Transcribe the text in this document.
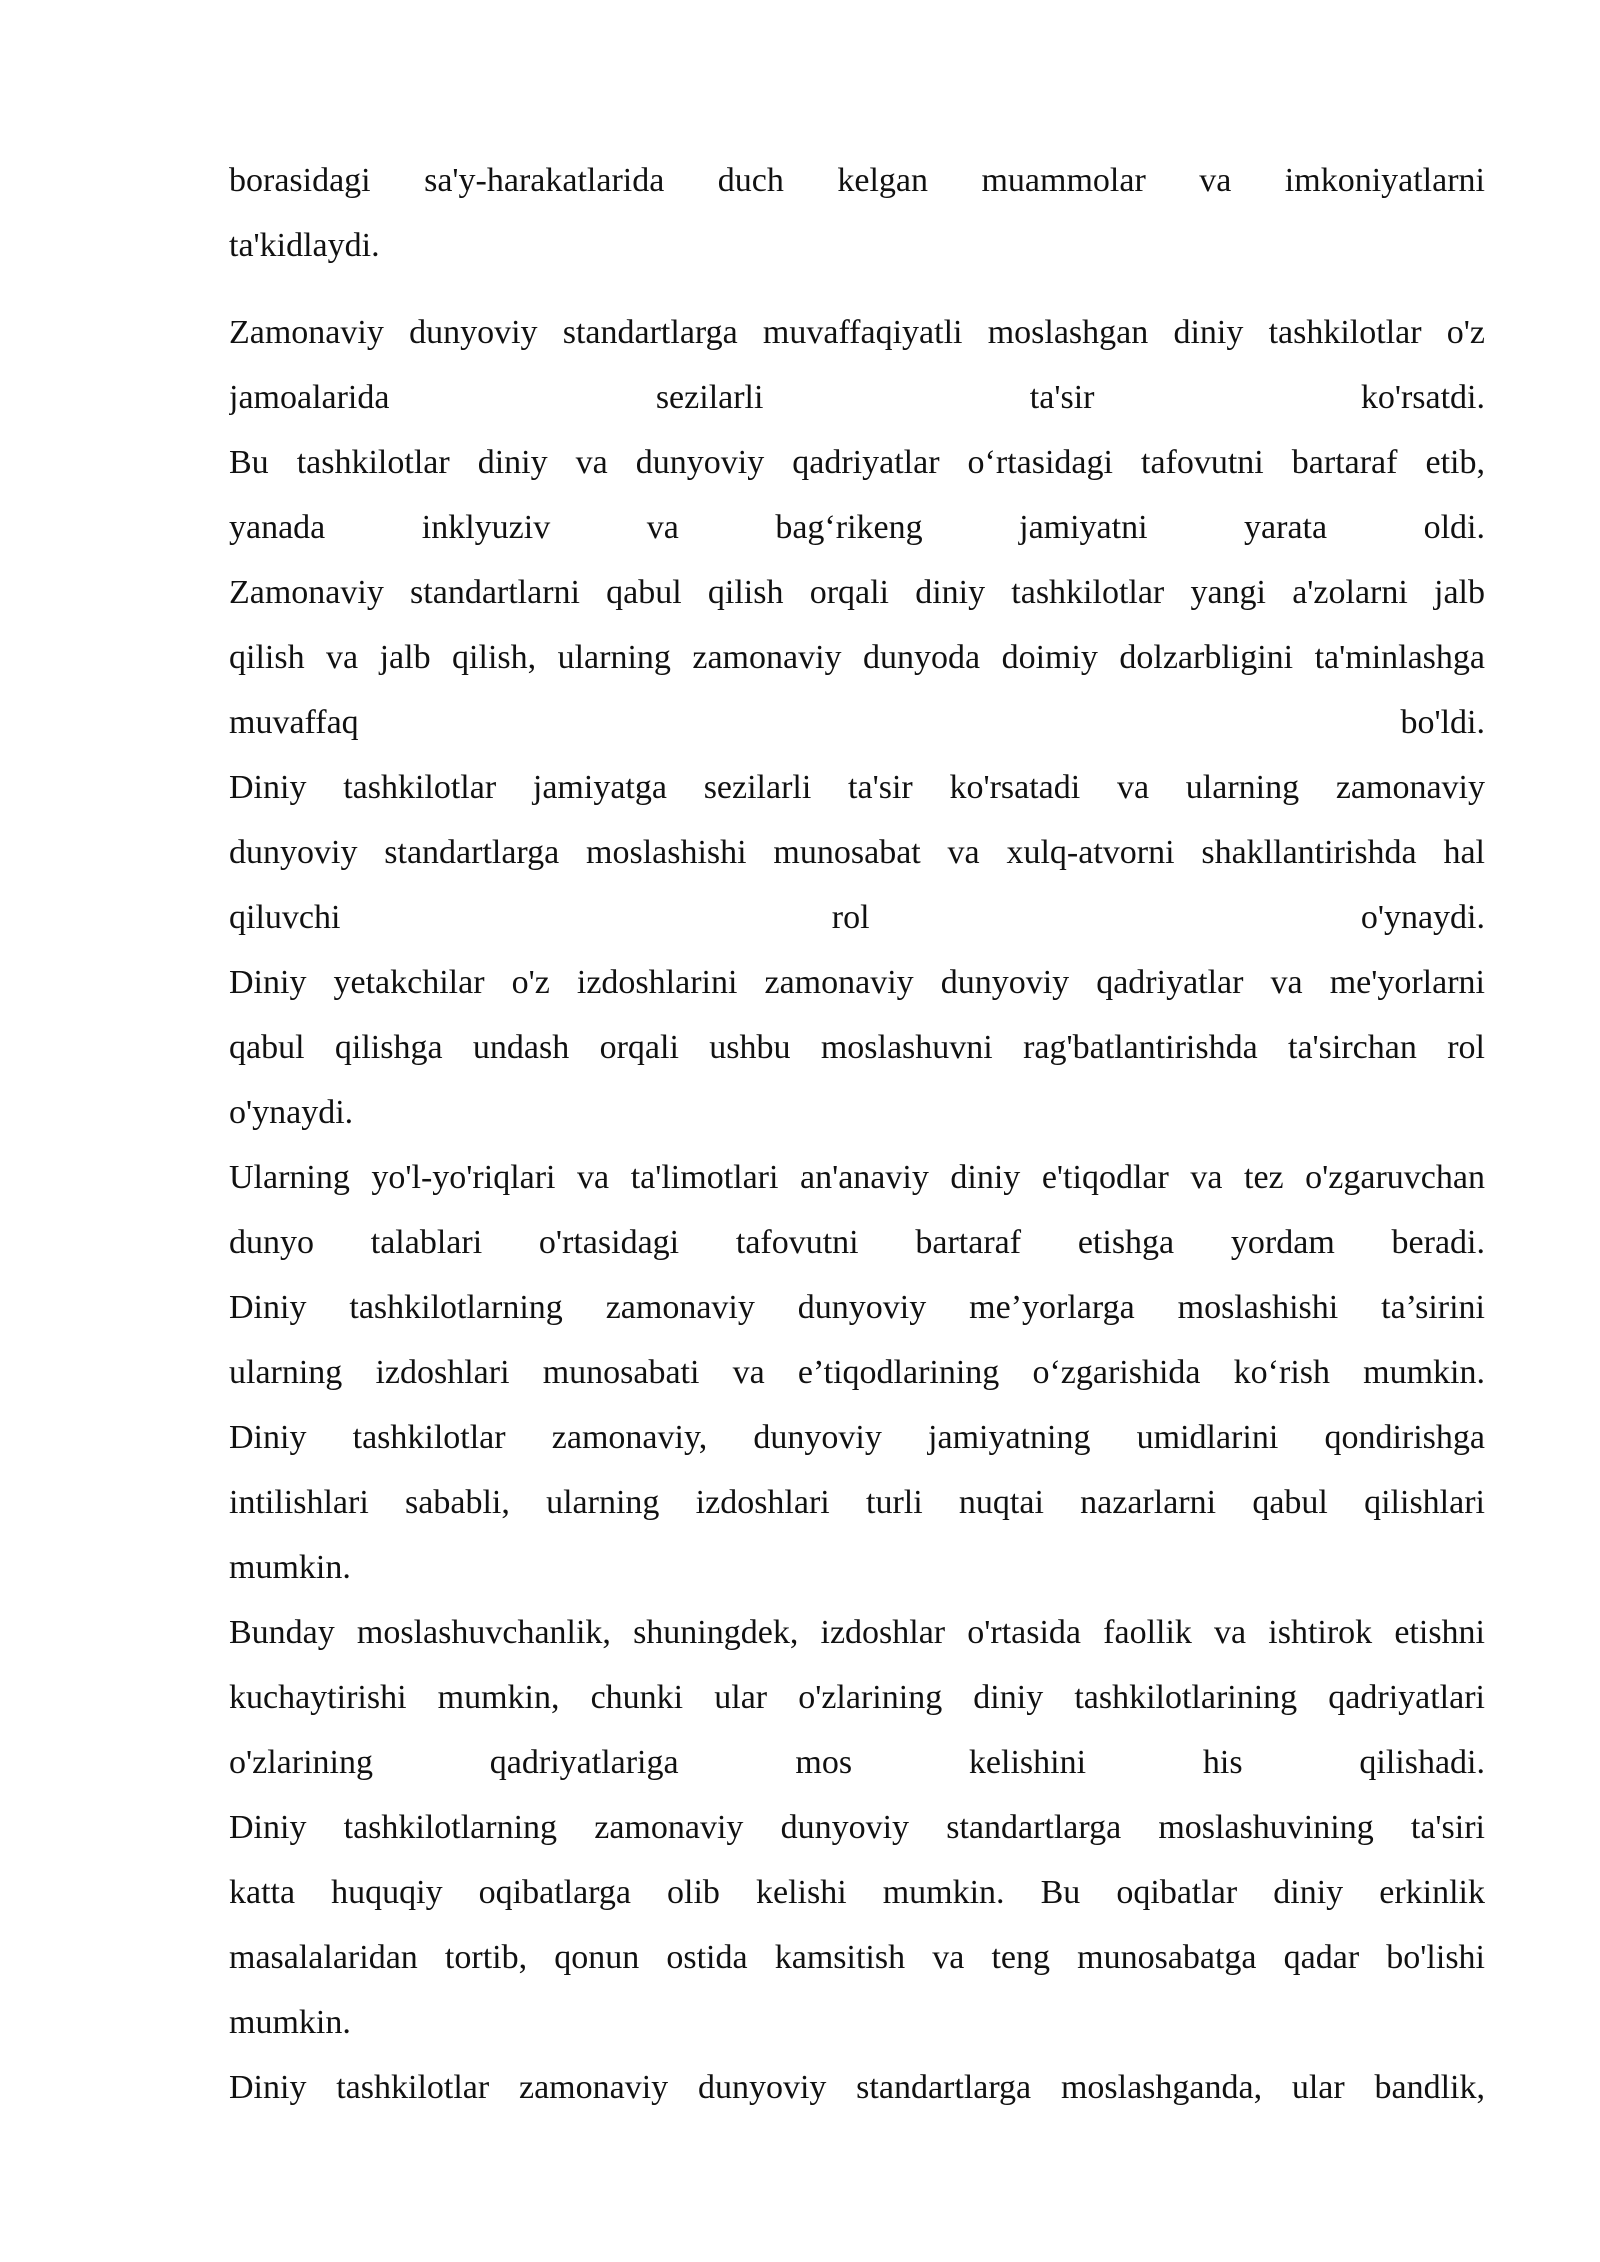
borasidagi sa'y-harakatlarida duch kelgan muammolar va imkoniyatlarni
ta'kidlaydi.
Zamonaviy dunyoviy standartlarga muvaffaqiyatli moslashgan diniy tashkilotlar o'z
jamoalarida sezilarli ta'sir ko'rsatdi.
Bu tashkilotlar diniy va dunyoviy qadriyatlar o‘rtasidagi tafovutni bartaraf etib,
yanada inklyuziv va bag‘rikeng jamiyatni yarata oldi.
Zamonaviy standartlarni qabul qilish orqali diniy tashkilotlar yangi a'zolarni jalb
qilish va jalb qilish, ularning zamonaviy dunyoda doimiy dolzarbligini ta'minlashga
muvaffaq bo'ldi.
Diniy tashkilotlar jamiyatga sezilarli ta'sir ko'rsatadi va ularning zamonaviy
dunyoviy standartlarga moslashishi munosabat va xulq-atvorni shakllantirishda hal
qiluvchi rol o'ynaydi.
Diniy yetakchilar o'z izdoshlarini zamonaviy dunyoviy qadriyatlar va me'yorlarni
qabul qilishga undash orqali ushbu moslashuvni rag'batlantirishda ta'sirchan rol
o'ynaydi.
Ularning yo'l-yo'riqlari va ta'limotlari an'anaviy diniy e'tiqodlar va tez o'zgaruvchan
dunyo talablari o'rtasidagi tafovutni bartaraf etishga yordam beradi.
Diniy tashkilotlarning zamonaviy dunyoviy me’yorlarga moslashishi ta’sirini
ularning izdoshlari munosabati va e’tiqodlarining o‘zgarishida ko‘rish mumkin.
Diniy tashkilotlar zamonaviy, dunyoviy jamiyatning umidlarini qondirishga
intilishlari sababli, ularning izdoshlari turli nuqtai nazarlarni qabul qilishlari
mumkin.
Bunday moslashuvchanlik, shuningdek, izdoshlar o'rtasida faollik va ishtirok etishni
kuchaytirishi mumkin, chunki ular o'zlarining diniy tashkilotlarining qadriyatlari
o'zlarining qadriyatlariga mos kelishini his qilishadi.
Diniy tashkilotlarning zamonaviy dunyoviy standartlarga moslashuvining ta'siri
katta huquqiy oqibatlarga olib kelishi mumkin. Bu oqibatlar diniy erkinlik
masalalaridan tortib, qonun ostida kamsitish va teng munosabatga qadar bo'lishi
mumkin.
Diniy tashkilotlar zamonaviy dunyoviy standartlarga moslashganda, ular bandlik,
